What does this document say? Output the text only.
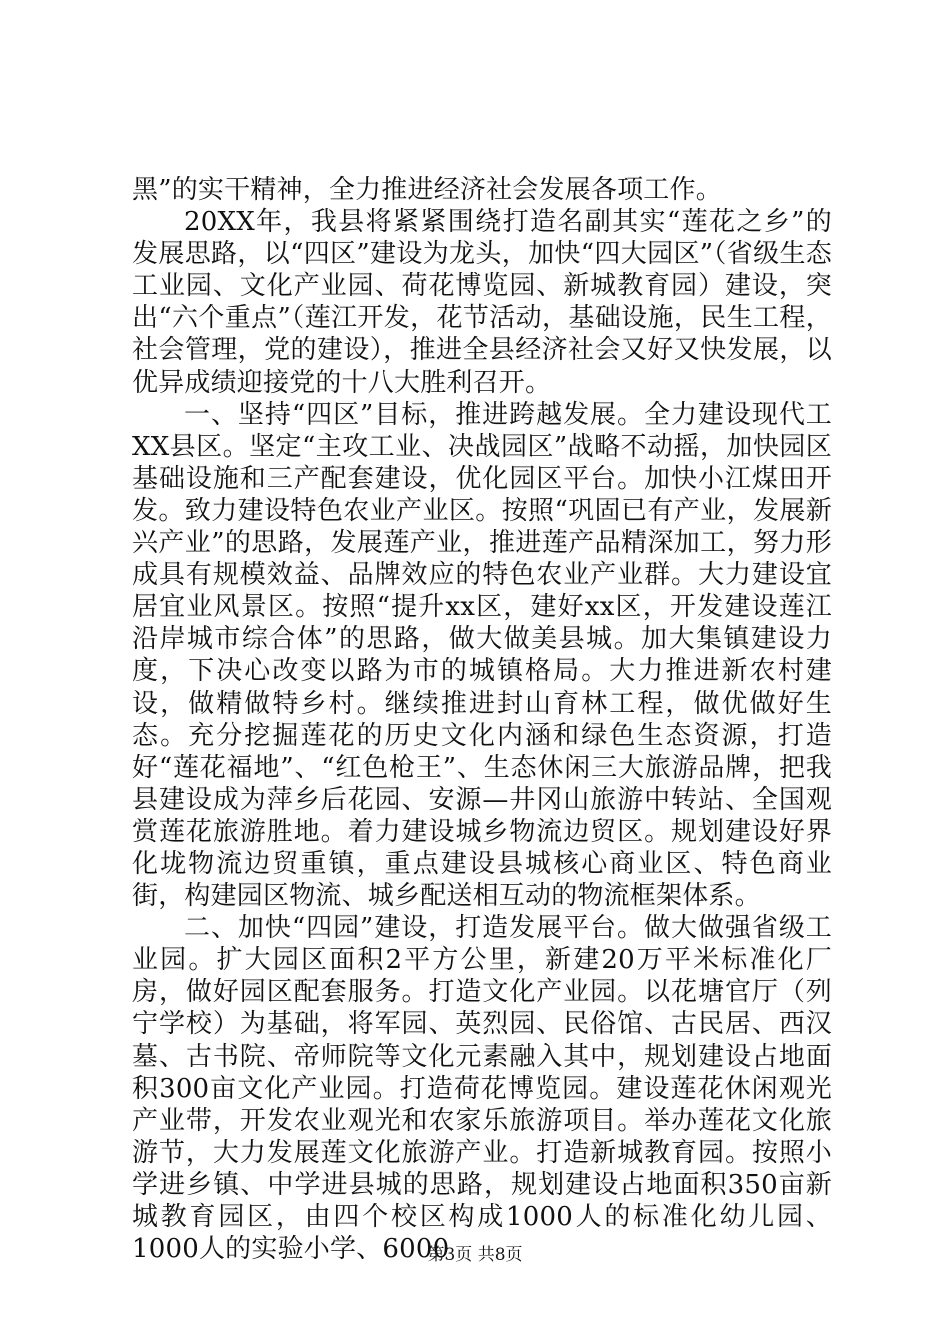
黑”的实干精神，全力推进经济社会发展各项工作。

20XX年，我县将紧紧围绕打造名副其实“莲花之乡”的发展思路，以“四区”建设为龙头，加快“四大园区”（省级生态工业园、文化产业园、荷花博览园、新城教育园）建设，突出“六个重点”（莲江开发，花节活动，基础设施，民生工程，社会管理，党的建设），推进全县经济社会又好又快发展，以优异成绩迎接党的十八大胜利召开。

一、坚持“四区”目标，推进跨越发展。全力建设现代工XX县区。坚定“主攻工业、决战园区”战略不动摇，加快园区基础设施和三产配套建设，优化园区平台。加快小江煤田开发。致力建设特色农业产业区。按照“巩固已有产业，发展新兴产业”的思路，发展莲产业，推进莲产品精深加工，努力形成具有规模效益、品牌效应的特色农业产业群。大力建设宜居宜业风景区。按照“提升xx区，建好xx区，开发建设莲江沿岸城市综合体”的思路，做大做美县城。加大集镇建设力度，下决心改变以路为市的城镇格局。大力推进新农村建设，做精做特乡村。继续推进封山育林工程，做优做好生态。充分挖掘莲花的历史文化内涵和绿色生态资源，打造好“莲花福地”、“红色枪王”、生态休闲三大旅游品牌，把我县建设成为萍乡后花园、安源—井冈山旅游中转站、全国观赏莲花旅游胜地。着力建设城乡物流边贸区。规划建设好界化垅物流边贸重镇，重点建设县城核心商业区、特色商业街，构建园区物流、城乡配送相互动的物流框架体系。

二、加快“四园”建设，打造发展平台。做大做强省级工业园。扩大园区面积2平方公里，新建20万平米标准化厂房，做好园区配套服务。打造文化产业园。以花塘官厅（列宁学校）为基础，将军园、英烈园、民俗馆、古民居、西汉墓、古书院、帝师院等文化元素融入其中，规划建设占地面积300亩文化产业园。打造荷花博览园。建设莲花休闲观光产业带，开发农业观光和农家乐旅游项目。举办莲花文化旅游节，大力发展莲文化旅游产业。打造新城教育园。按照小学进乡镇、中学进县城的思路，规划建设占地面积350亩新城教育园区，由四个校区构成1000人的标准化幼儿园、1000人的实验小学、6000

第3页 共8页
